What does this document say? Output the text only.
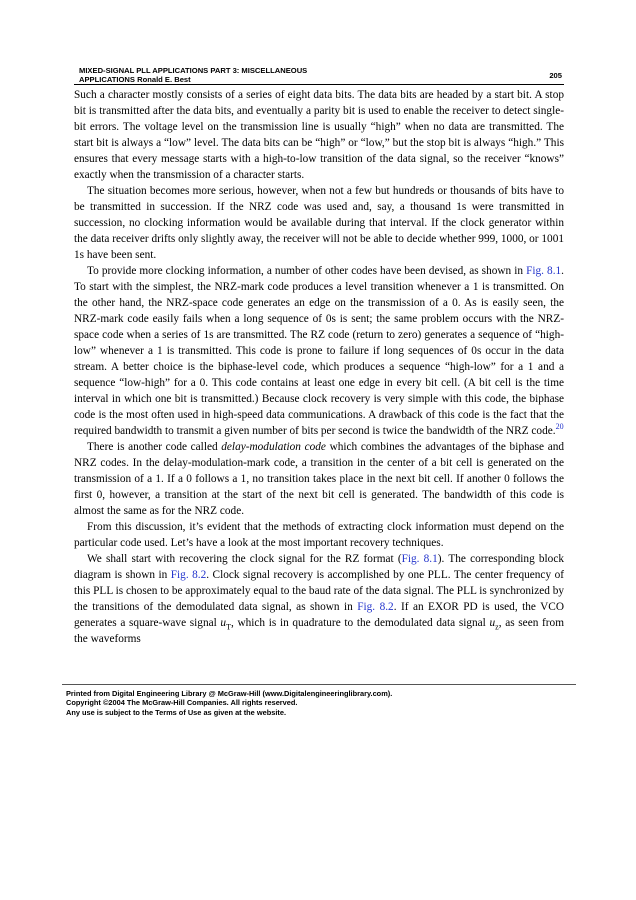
MIXED-SIGNAL PLL APPLICATIONS PART 3: MISCELLANEOUS

APPLICATIONS Ronald E. Best	205

Such a character mostly consists of a series of eight data bits. The data bits are headed by a start bit. A stop bit is transmitted after the data bits, and eventually a parity bit is used to enable the receiver to detect single-bit errors. The voltage level on the transmission line is usually “high” when no data are transmitted. The start bit is always a “low” level. The data bits can be “high” or “low,” but the stop bit is always “high.” This ensures that every message starts with a high-to-low transition of the data signal, so the receiver “knows” exactly when the transmission of a character starts.

The situation becomes more serious, however, when not a few but hundreds or thousands of bits have to be transmitted in succession. If the NRZ code was used and, say, a thousand 1s were transmitted in succession, no clocking information would be available during that interval. If the clock generator within the data receiver drifts only slightly away, the receiver will not be able to decide whether 999, 1000, or 1001 1s have been sent.

To provide more clocking information, a number of other codes have been devised, as shown in Fig. 8.1. To start with the simplest, the NRZ-mark code produces a level transition whenever a 1 is transmitted. On the other hand, the NRZ-space code generates an edge on the transmission of a 0. As is easily seen, the NRZ-mark code easily fails when a long sequence of 0s is sent; the same problem occurs with the NRZ-space code when a series of 1s are transmitted. The RZ code (return to zero) generates a sequence of “high-low” whenever a 1 is transmitted. This code is prone to failure if long sequences of 0s occur in the data stream. A better choice is the biphase-level code, which produces a sequence “high-low” for a 1 and a sequence “low-high” for a 0. This code contains at least one edge in every bit cell. (A bit cell is the time interval in which one bit is transmitted.) Because clock recovery is very simple with this code, the biphase code is the most often used in high-speed data communications. A drawback of this code is the fact that the required bandwidth to transmit a given number of bits per second is twice the bandwidth of the NRZ code.$^{20}$

There is another code called delay-modulation code which combines the advantages of the biphase and NRZ codes. In the delay-modulation-mark code, a transition in the center of a bit cell is generated on the transmission of a 1. If a 0 follows a 1, no transition takes place in the next bit cell. If another 0 follows the first 0, however, a transition at the start of the next bit cell is generated. The bandwidth of this code is almost the same as for the NRZ code.

From this discussion, it’s evident that the methods of extracting clock information must depend on the particular code used. Let’s have a look at the most important recovery techniques.

We shall start with recovering the clock signal for the RZ format (Fig. 8.1). The corresponding block diagram is shown in Fig. 8.2. Clock signal recovery is accomplished by one PLL. The center frequency of this PLL is chosen to be approximately equal to the baud rate of the data signal. The PLL is synchronized by the transitions of the demodulated data signal, as shown in Fig. 8.2. If an EXOR PD is used, the VCO generates a square-wave signal $u_T$, which is in quadrature to the demodulated data signal $u_z$, as seen from the waveforms

Printed from Digital Engineering Library @ McGraw-Hill (www.Digitalengineeringlibrary.com).
Copyright ©2004 The McGraw-Hill Companies. All rights reserved.
Any use is subject to the Terms of Use as given at the website.
